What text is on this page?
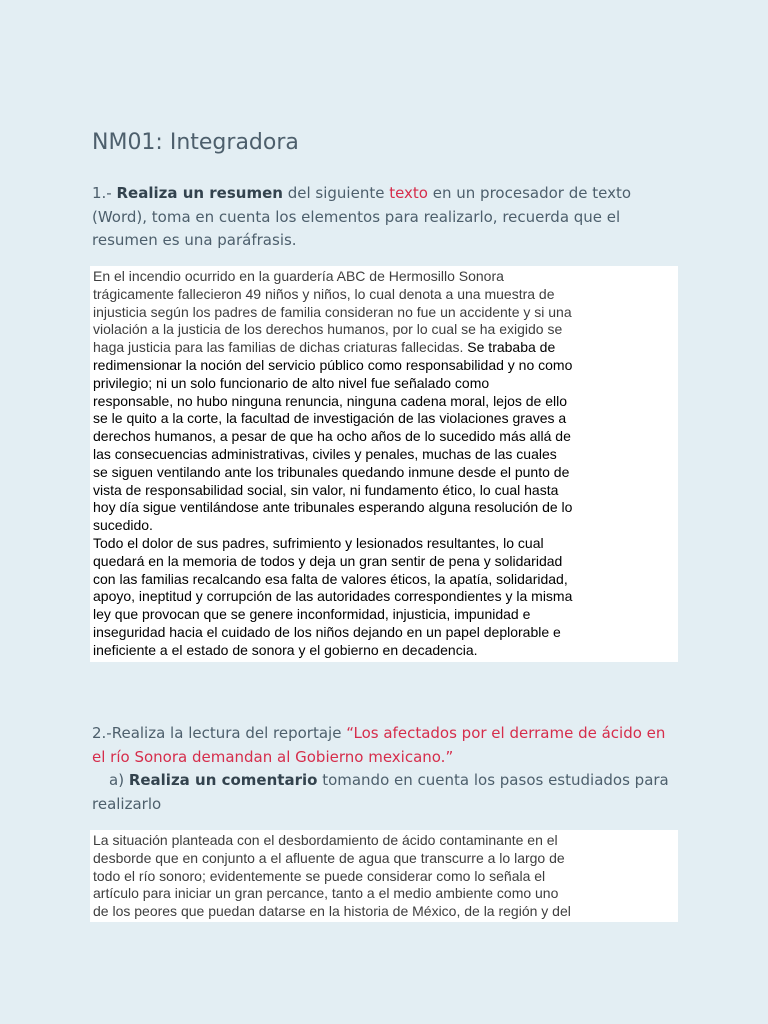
NM01: Integradora

1.- Realiza un resumen del siguiente texto en un procesador de texto (Word), toma en cuenta los elementos para realizarlo, recuerda que el resumen es una paráfrasis.

En el incendio ocurrido en la guardería ABC de Hermosillo Sonora
trágicamente fallecieron 49 niños y niños, lo cual denota a una muestra de
injusticia según los padres de familia consideran no fue un accidente y si una
violación a la justicia de los derechos humanos, por lo cual se ha exigido se
haga justicia para las familias de dichas criaturas fallecidas. Se trababa de
redimensionar la noción del servicio público como responsabilidad y no como
privilegio; ni un solo funcionario de alto nivel fue señalado como
responsable, no hubo ninguna renuncia, ninguna cadena moral, lejos de ello
se le quito a la corte, la facultad de investigación de las violaciones graves a
derechos humanos, a pesar de que ha ocho años de lo sucedido más allá de
las consecuencias administrativas, civiles y penales, muchas de las cuales
se siguen ventilando ante los tribunales quedando inmune desde el punto de
vista de responsabilidad social, sin valor, ni fundamento ético, lo cual hasta
hoy día sigue ventilándose ante tribunales esperando alguna resolución de lo
sucedido.
Todo el dolor de sus padres, sufrimiento y lesionados resultantes, lo cual
quedará en la memoria de todos y deja un gran sentir de pena y solidaridad
con las familias recalcando esa falta de valores éticos, la apatía, solidaridad,
apoyo, ineptitud y corrupción de las autoridades correspondientes y la misma
ley que provocan que se genere inconformidad, injusticia, impunidad e
inseguridad hacia el cuidado de los niños dejando en un papel deplorable e
ineficiente a el estado de sonora y el gobierno en decadencia.

2.-Realiza la lectura del reportaje “Los afectados por el derrame de ácido en el río Sonora demandan al Gobierno mexicano.”

a) Realiza un comentario tomando en cuenta los pasos estudiados para realizarlo

La situación planteada con el desbordamiento de ácido contaminante en el
desborde que en conjunto a el afluente de agua que transcurre a lo largo de
todo el río sonoro; evidentemente se puede considerar como lo señala el
artículo para iniciar un gran percance, tanto a el medio ambiente como uno
de los peores que puedan datarse en la historia de México, de la región y del
